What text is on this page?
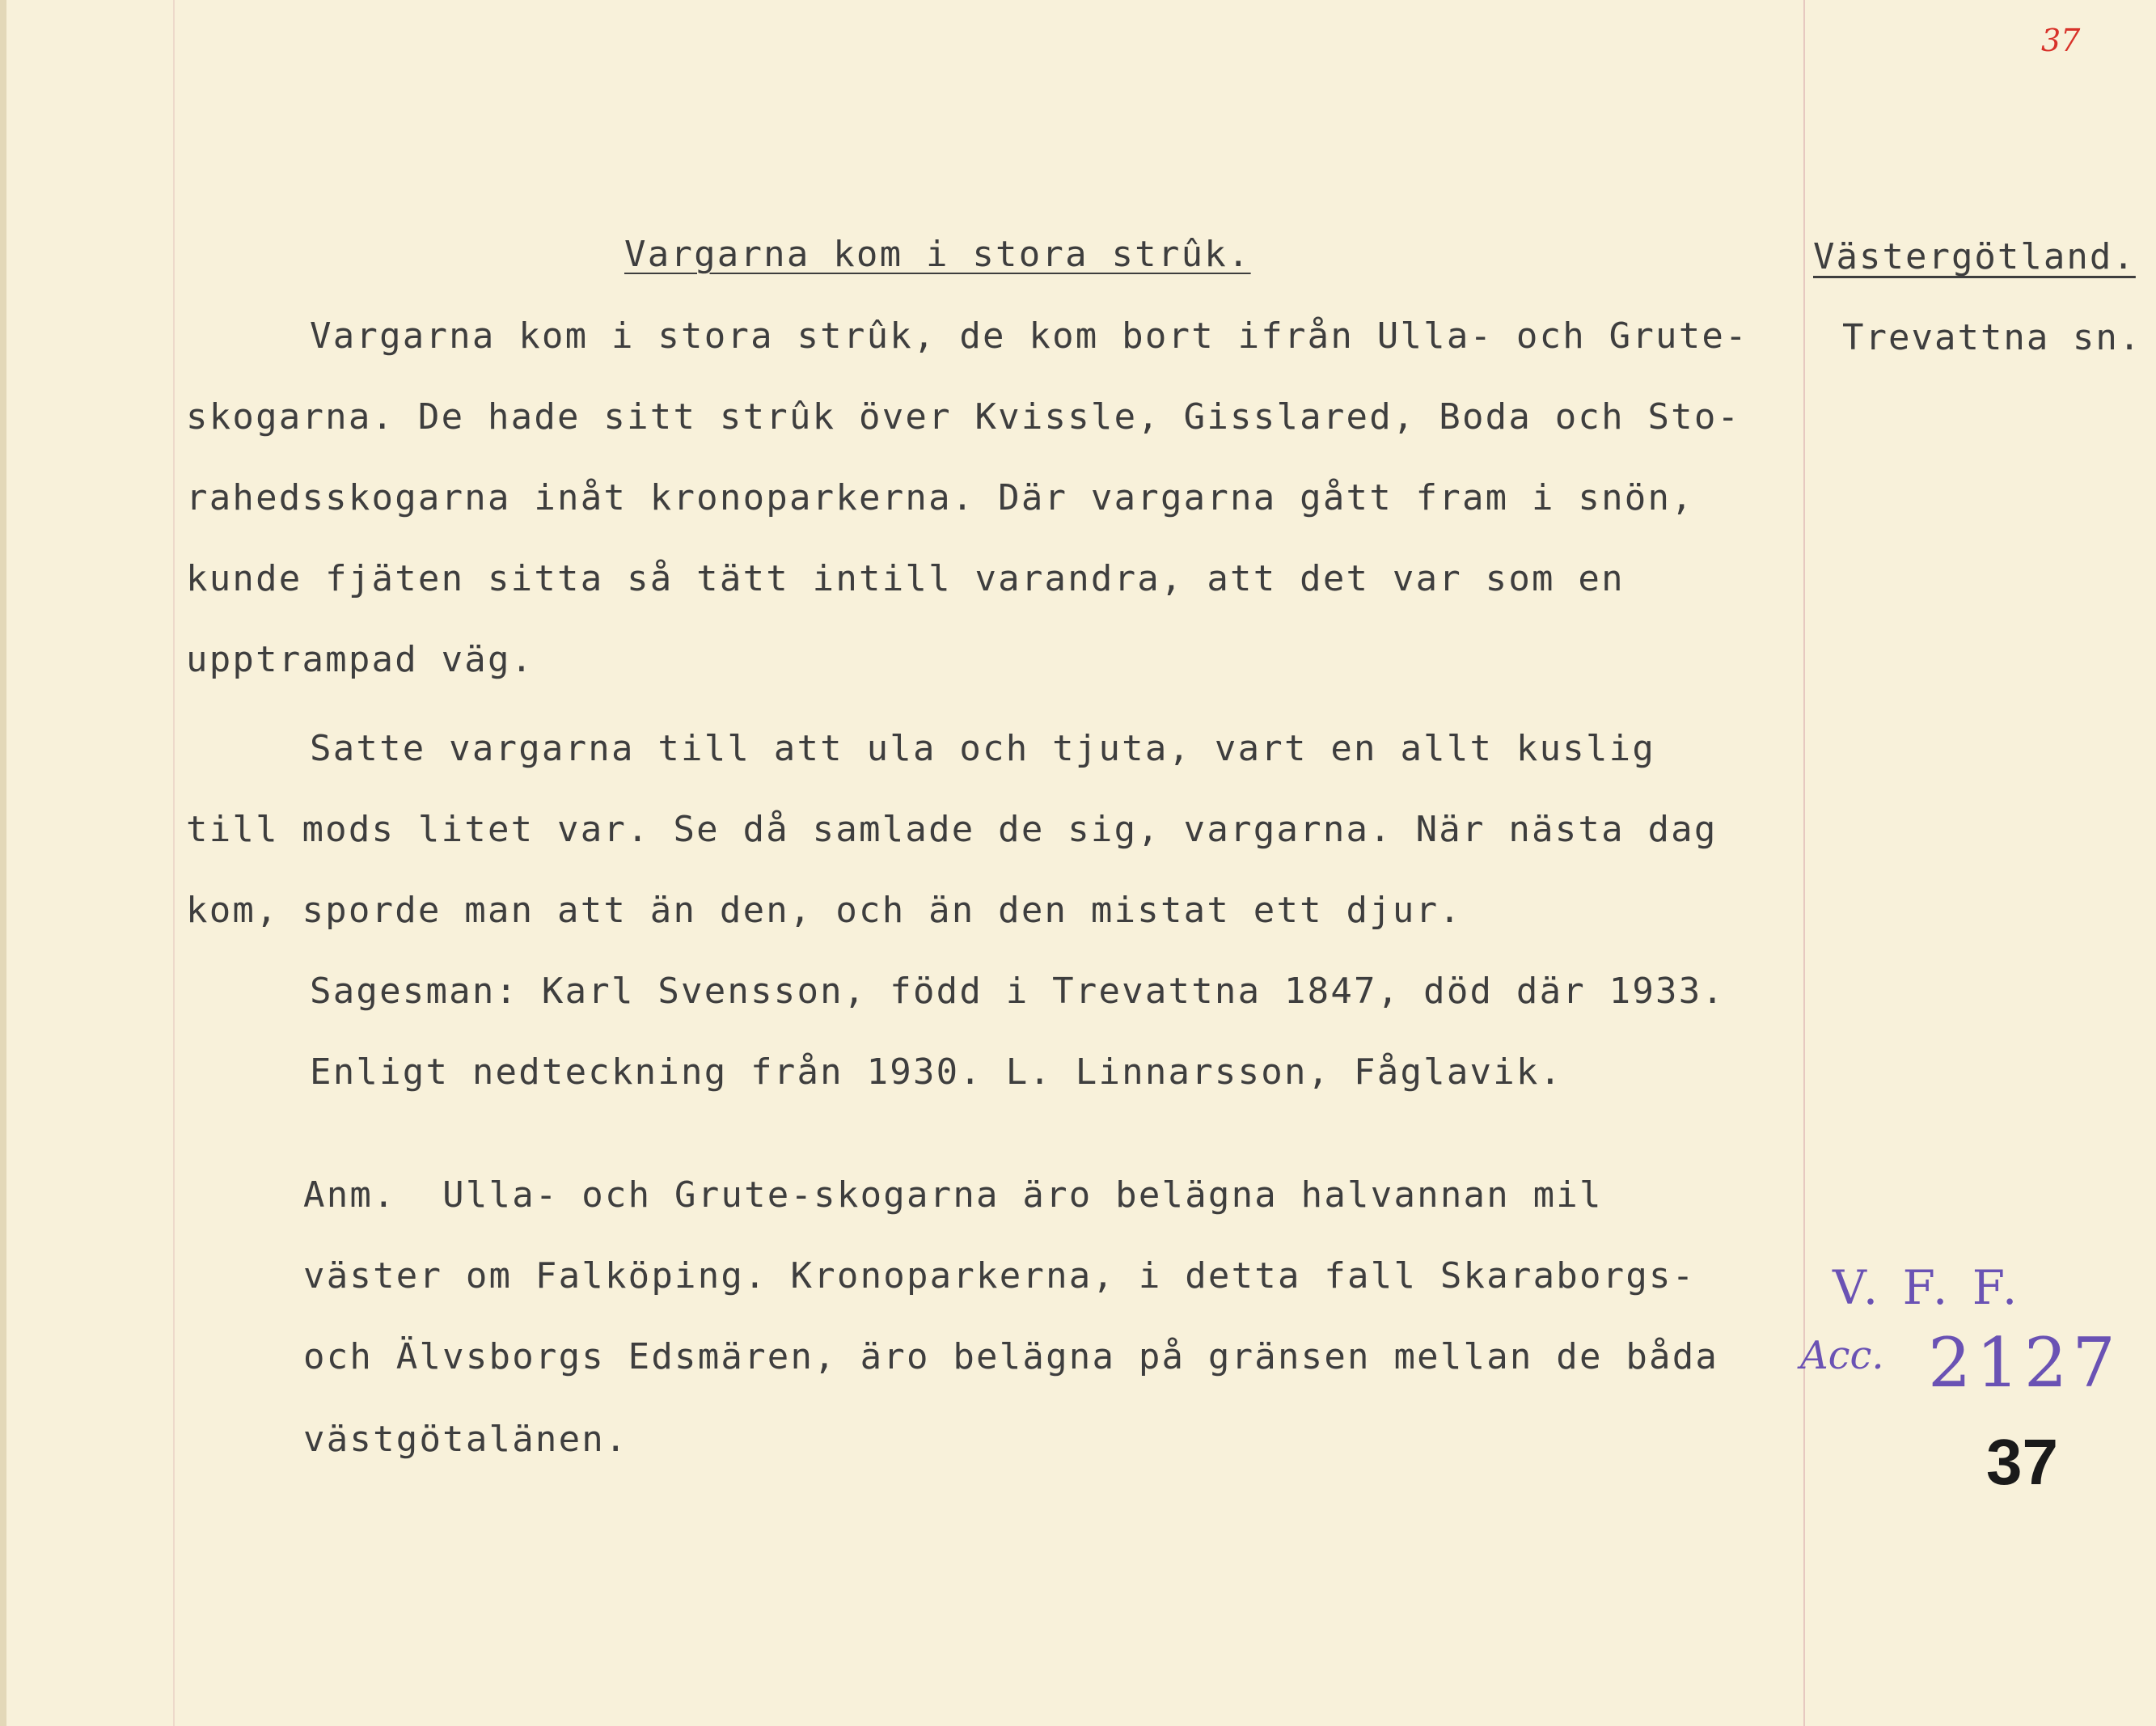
37
Vargarna kom i stora strûk.	Västergötland.
Trevattna sn.
Vargarna kom i stora strûk, de kom bort ifrån Ulla- och Grute-
skogarna. De hade sitt strûk över Kvissle, Gisslared, Boda och Sto-
rahedsskogarna inåt kronoparkerna. Där vargarna gått fram i snön,
kunde fjäten sitta så tätt intill varandra, att det var som en
upptrampad väg.
Satte vargarna till att ula och tjuta, vart en allt kuslig
till mods litet var. Se då samlade de sig, vargarna. När nästa dag
kom, sporde man att än den, och än den mistat ett djur.
Sagesman: Karl Svensson, född i Trevattna 1847, död där 1933.
Enligt nedteckning från 1930. L. Linnarsson, Fåglavik.
Anm.  Ulla- och Grute-skogarna äro belägna halvannan mil
väster om Falköping. Kronoparkerna, i detta fall Skaraborgs-
och Älvsborgs Edsmären, äro belägna på gränsen mellan de båda
västgötalänen.
V. F. F.
Acc. 2127
37
